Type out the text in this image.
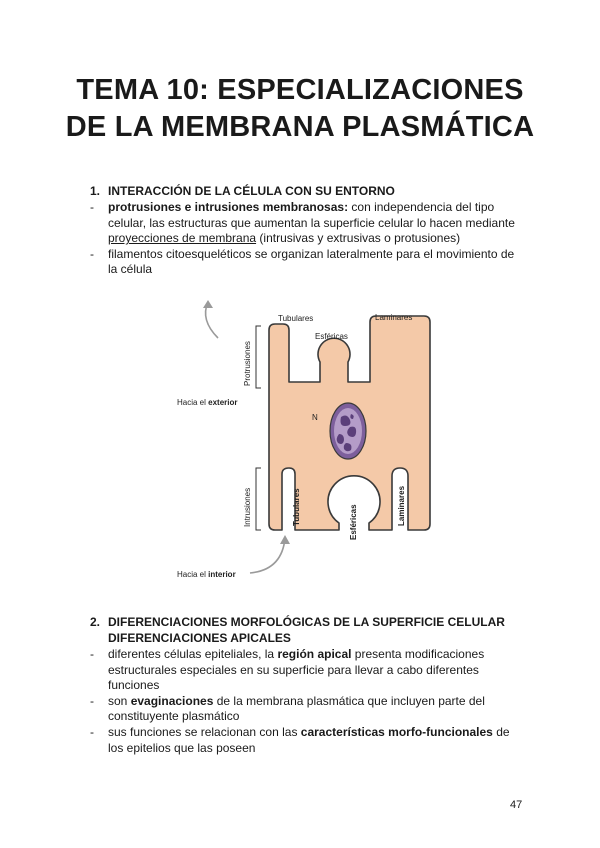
TEMA 10: ESPECIALIZACIONES
DE LA MEMBRANA PLASMÁTICA
1. INTERACCIÓN DE LA CÉLULA CON SU ENTORNO
- protrusiones e intrusiones membranosas: con independencia del tipo celular, las estructuras que aumentan la superficie celular lo hacen mediante proyecciones de membrana (intrusivas y extrusivas o protusiones)
- filamentos citoesqueléticos se organizan lateralmente para el movimiento de la célula
N
Protrusiones
Intrusiones
Tubulares
Esféricas
Laminares
Tubulares	Esféricas	Laminares
Hacia el exterior
Hacia el interior
2. DIFERENCIACIONES MORFOLÓGICAS DE LA SUPERFICIE CELULAR
DIFERENCIACIONES APICALES
- diferentes células epiteliales, la región apical presenta modificaciones estructurales especiales en su superficie para llevar a cabo diferentes funciones
- son evaginaciones de la membrana plasmática que incluyen parte del constituyente plasmático
- sus funciones se relacionan con las características morfo-funcionales de los epitelios que las poseen

47
